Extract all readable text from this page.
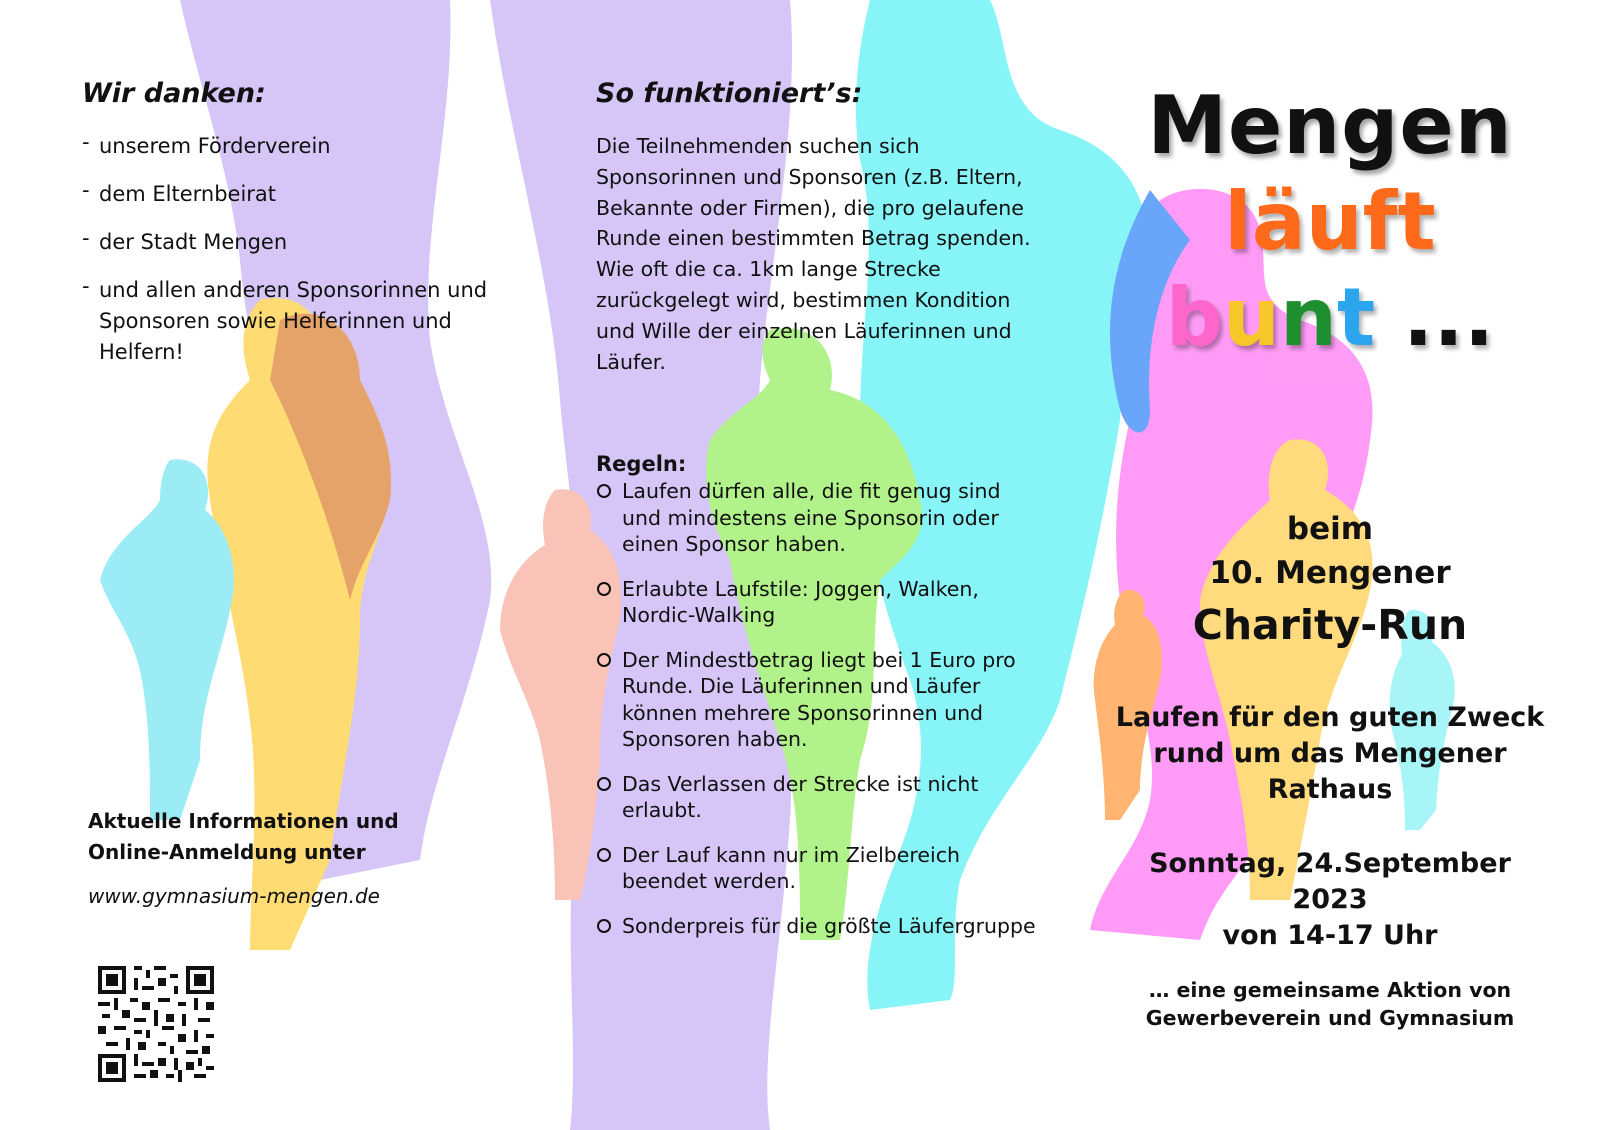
Wir danken:
- unserem Förderverein
- dem Elternbeirat
- der Stadt Mengen
- und allen anderen Sponsorinnen und Sponsoren sowie Helferinnen und Helfern!

Aktuelle Informationen und

Online-Anmeldung unter

www.gymnasium-mengen.de

So funktioniert’s:

Die Teilnehmenden suchen sich Sponsorinnen und Sponsoren (z.B. Eltern, Bekannte oder Firmen), die pro gelaufene Runde einen bestimmten Betrag spenden. Wie oft die ca. 1km lange Strecke zurückgelegt wird, bestimmen Kondition und Wille der einzelnen Läuferinnen und Läufer.

Regeln:
Laufen dürfen alle, die fit genug sind und mindestens eine Sponsorin oder einen Sponsor haben.
Erlaubte Laufstile: Joggen, Walken, Nordic-Walking
Der Mindestbetrag liegt bei 1 Euro pro Runde. Die Läuferinnen und Läufer können mehrere Sponsorinnen und Sponsoren haben.
Das Verlassen der Strecke ist nicht erlaubt.
Der Lauf kann nur im Zielbereich beendet werden.
Sonderpreis für die größte Läufergruppe
Mengen
läuft
bunt ...
beim
10. Mengener
Charity-Run
Laufen für den guten Zweck
rund um das Mengener
Rathaus
Sonntag, 24.September 2023
von 14-17 Uhr
… eine gemeinsame Aktion von
Gewerbeverein und Gymnasium
